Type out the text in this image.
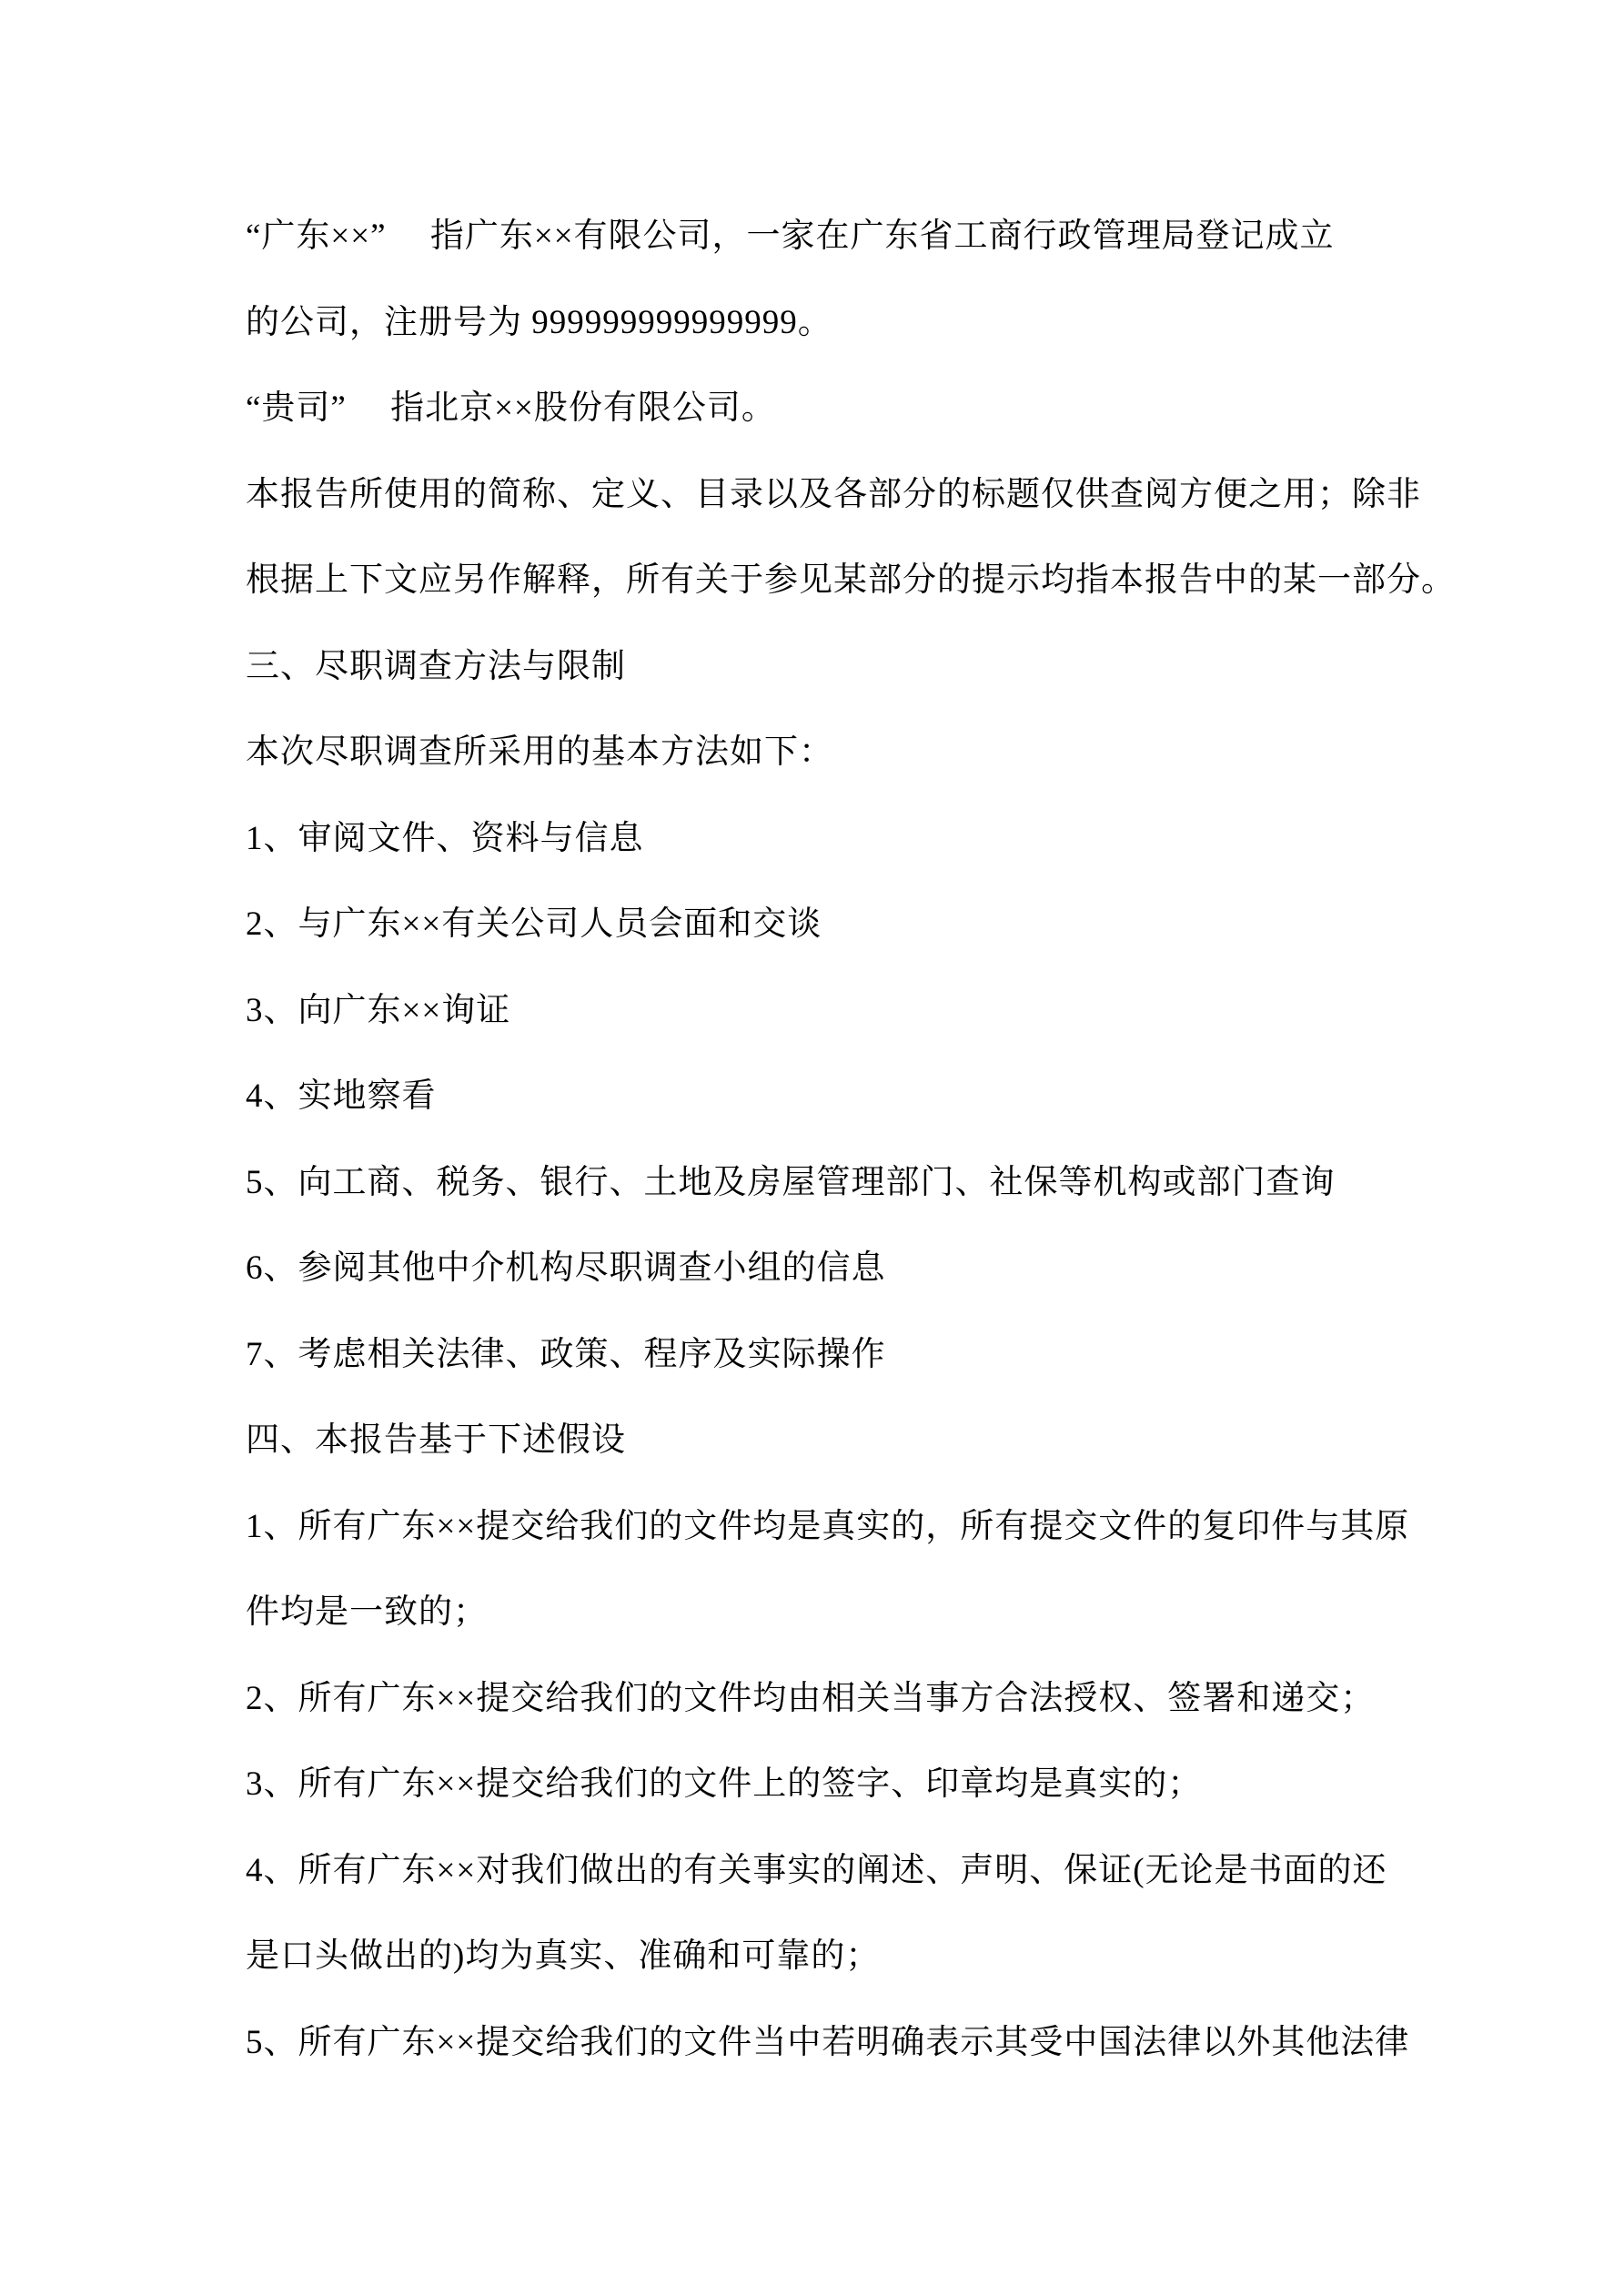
“广东××”　 指广东××有限公司，一家在广东省工商行政管理局登记成立
的公司，注册号为 999999999999999。
“贵司”　 指北京××股份有限公司。
本报告所使用的简称、定义、目录以及各部分的标题仅供查阅方便之用；除非
根据上下文应另作解释，所有关于参见某部分的提示均指本报告中的某一部分。
三、尽职调查方法与限制
本次尽职调查所采用的基本方法如下：
1、审阅文件、资料与信息
2、与广东××有关公司人员会面和交谈
3、向广东××询证
4、实地察看
5、向工商、税务、银行、土地及房屋管理部门、社保等机构或部门查询
6、参阅其他中介机构尽职调查小组的信息
7、考虑相关法律、政策、程序及实际操作
四、本报告基于下述假设
1、所有广东××提交给我们的文件均是真实的，所有提交文件的复印件与其原
件均是一致的；
2、所有广东××提交给我们的文件均由相关当事方合法授权、签署和递交；
3、所有广东××提交给我们的文件上的签字、印章均是真实的；
4、所有广东××对我们做出的有关事实的阐述、声明、保证(无论是书面的还
是口头做出的)均为真实、准确和可靠的；
5、所有广东××提交给我们的文件当中若明确表示其受中国法律以外其他法律
